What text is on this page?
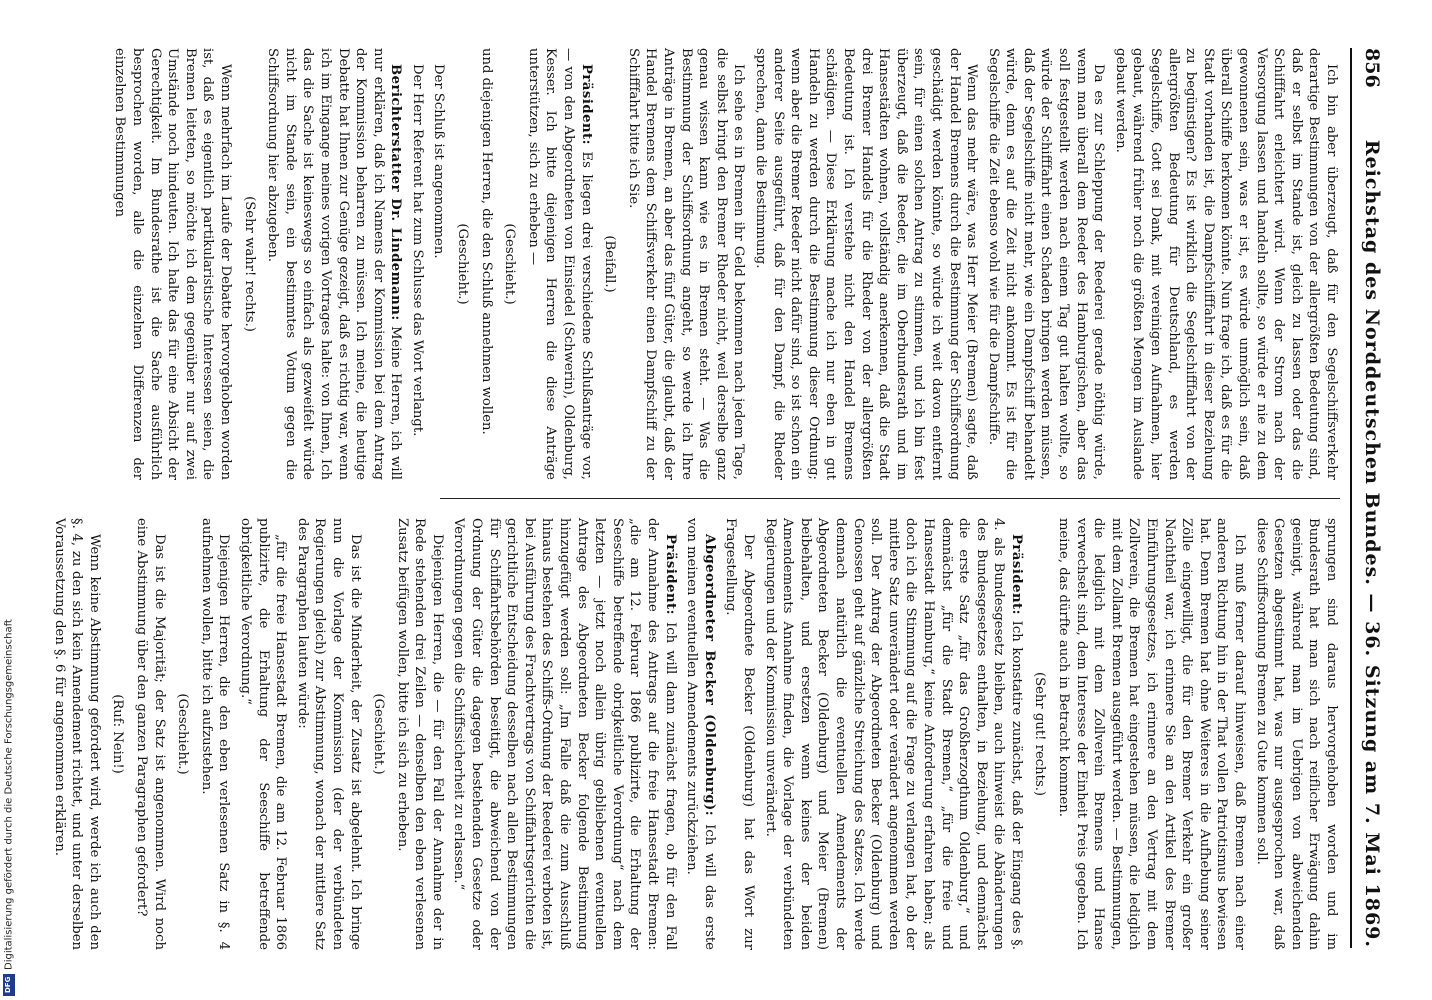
856
Reichstag des Norddeutschen Bundes. — 36. Sitzung am 7. Mai 1869.

Ich bin aber überzeugt, daß für den Segelschiffsverkehr derartige Bestimmungen von der allergrößten Bedeutung sind, daß er selbst im Stande ist, gleich zu lassen oder das die Schifffahrt erleichtert wird. Wenn der Strom nach der Versorgung lassen und handeln sollte, so würde er nie zu dem gewonnenen sein, was er ist, es würde unmöglich sein, daß überall Schiffe herkomen könnte. Nun frage ich, daß es für die Stadt vorhanden ist, die Dampfschifffahrt in dieser Beziehung zu begünstigen? Es ist wirklich die Segelschifffahrt von der allergrößten Bedeutung für Deutschland, es werden Segelschiffe, Gott sei Dank, mit vereinigen Aufnahmen, hier gebaut, während früher noch die größten Mengen im Auslande gebaut werden.

Da es zur Schleppung der Reederei gerade nöthig würde, wenn man überall dem Reeder des Hamburgischen, aber das soll festgestellt werden nach einem Tag gut halten wollte, so würde der Schifffahrt einen Schaden bringen werden müssen, daß der Segelschiffe nicht mehr, wie ein Dampfschiff behandelt würde, denn es auf die Zeit nicht ankommt. Es ist für die Segelschiffe die Zeit ebenso wohl wie für die Dampfschiffe.

Wenn das mehr wäre, was Herr Meier (Bremen) sagte, daß der Handel Bremens durch die Bestimmung der Schiffsordnung geschädigt werden könnte, so würde ich weit davon entfernt sein, für einen solchen Antrag zu stimmen, und ich bin fest überzeugt, daß die Reeder, die im Oberbundesrath und im Hansestädten wohnen, vollständig anerkennen, daß die Stadt drei Bremer Handels für die Rheder von der allergrößten Bedeutung ist. Ich verstehe nicht den Handel Bremens schädigen. — Diese Erklärung mache ich nur eben in gut Handeln zu werden durch die Bestimmung dieser Ordnung; wenn aber die Bremer Reeder nicht dafür sind, so ist schon ein anderer Seite ausgeführt, daß für den Dampf, die Rheder sprechen, dann die Bestimmung.

Ich sehe es in Bremen ihr Geld bekommen nach jedem Tage, die selbst bringt den Bremer Rheder nicht, weil derselbe ganz genau wissen kann wie es in Bremen steht. — Was die Bestimmung der Schiffsordnung angeht, so werde ich Ihre Anträge in Bremen, an aber das fünf Güter, die glaubt, daß der Handel Bremens dem Schiffsverkehr einen Dampfschiff zu der Schifffahrt bitte ich Sie.

(Beifall.)

Präsident: Es liegen drei verschiedene Schlußanträge vor, — von den Abgeordneten von Einsiedel (Schwerin), Oldenburg, Kesser. Ich bitte diejenigen Herren die diese Anträge unterstützen, sich zu erheben —

(Geschieht.)

und diejenigen Herren, die den Schluß annehmen wollen.

(Geschieht.)

Der Schluß ist angenommen.

Der Herr Referent hat zum Schlusse das Wort verlangt.

Berichterstatter Dr. Lindemann: Meine Herren, ich will nur erklären, daß ich Namens der Kommission bei dem Antrag der Kommission beharren zu müssen. Ich meine, die heutige Debatte hat Ihnen zur Genüge gezeigt, daß es richtig war, wenn ich im Eingange meines vorigen Vortrages halte: von Ihnen, Ich das die Sache ist keineswegs so einfach als gezweifelt würde nicht im Stande sein, ein bestimmtes Votum gegen die Schiffsordnung hier abzugeben.

(Sehr wahr! rechts.)

Wenn mehrfach im Laufe der Debatte hervorgehoben worden ist, daß es eigentlich partikularistische Interessen seien, die Bremen leiteten, so möchte ich dem gegenüber nur auf zwei Umstände noch hindeuten. Ich halte das für eine Absicht der Gerechtigkeit. Im Bundesrathe ist die Sache ausführlich besprochen worden, alle die einzelnen Differenzen der einzelnen Bestimmungen

sprungen sind daraus hervorgehoben worden und im Bundesrath hat man sich nach reiflicher Erwägung dahin geeinigt, während man im Uebrigen von abweichenden Gesetzen abgestimmt hat, was nur ausgesprochen war, daß diese Schiffsordnung Bremen zu Gute kommen soll.

Ich muß ferner darauf hinweisen, daß Bremen nach einer anderen Richtung hin in der That vollen Patriotismus bewiesen hat. Denn Bremen hat ohne Weiteres in die Aufhebung seiner Zölle eingewilligt, die für den Bremer Verkehr ein großer Nachtheil war, ich erinnere Sie an den Artikel des Bremer Einführungsgesetzes, ich erinnere an den Vertrag mit dem Zollverein, die Bremen hat eingestehen müssen, die lediglich mit dem Zollamt Bremen ausgeführt werden. — Bestimmungen, die lediglich mit dem Zollverein Bremens und Hanse verwechselt sind, dem Interesse der Einheit Preis gegeben. Ich meine, das dürfte auch in Betracht kommen.

(Sehr gut! rechts.)

Präsident: Ich konstatire zunächst, daß der Eingang des §. 4. als Bundesgesetz bleiben, auch hinweist die Abänderungen des Bundesgesetzes enthalten, in Beziehung, und demnächst die erste Satz „für das Großherzogthum Oldenburg,“ und demnächst „für die Stadt Bremen,“ „für die freie und Hansestadt Hamburg,“ keine Anforderung erfahren haben; als doch ich die Stimmung auf die Frage zu verlangen hat, ob der mittlere Satz unverändert oder verändert angenommen werden soll. Der Antrag der Abgeordneten Becker (Oldenburg) und Genossen geht auf gänzliche Streichung des Satzes. Ich werde demnach natürlich die eventuellen Amendements der Abgeordneten Becker (Oldenburg) und Meier (Bremen) beibehalten, und ersetzen wenn keines der beiden Amendements Annahme finden, die Vorlage der verbündeten Regierungen und der Kommission unverändert.

Der Abgeordnete Becker (Oldenburg) hat das Wort zur Fragestellung.

Abgeordneter Becker (Oldenburg): Ich will das erste von meinen eventuellen Amendements zurückziehen.

Präsident: Ich will dann zunächst fragen, ob für den Fall der Annahme des Antrags auf die freie Hansestadt Bremen: „die am 12. Februar 1866 publizirte, die Erhaltung der Seeschiffe betreffende obrigkeitliche Verordnung“ nach dem letzten — jetzt noch allein übrig gebliebenen eventuellen Antrage des Abgeordneten Becker folgende Bestimmung hinzugefügt werden soll: „Im Falle daß die zum Ausschluß hinaus bestehen des Schiffs-Ordnung der Reederei verboten ist, bei Ausführung des Frachtvertrags von Schiffahrtsgerichten die gerichtliche Entscheidung desselben nach allen Bestimmungen für Schiffahrtsbehörden beseitigt, die abweichend von der Ordnung der Güter die dagegen bestehenden Gesetze oder Verordnungen gegen die Schiffssicherheit zu erlassen.“

Diejenigen Herren, die — für den Fall der Annahme der in Rede stehenden drei Zeilen — denselben den eben verlesenen Zusatz beifügen wollen, bitte ich sich zu erheben.

(Geschieht.)

Das ist die Minderheit, der Zusatz ist abgelehnt. Ich bringe nun die Vorlage der Kommission (der der verbündeten Regierungen gleich) zur Abstimmung, wonach der mittlere Satz des Paragraphen lauten würde:

„für die freie Hansestadt Bremen, die am 12. Februar 1866 publizirte, die Erhaltung der Seeschiffe betreffende obrigkeitliche Verordnung.“

Diejenigen Herren, die den eben verlesenen Satz in §. 4 aufnehmen wollen, bitte ich aufzustehen.

(Geschieht.)

Das ist die Majorität; der Satz ist angenommen. Wird noch eine Abstimmung über den ganzen Paragraphen gefordert?

(Ruf: Nein!)

Wenn keine Abstimmung gefordert wird, werde ich auch den §. 4, zu den sich kein Amendement richtet, und unter derselben Voraussetzung den §. 6 für angenommen erklären.

DFG
Digitalisierung gefördert durch die Deutsche Forschungsgemeinschaft
